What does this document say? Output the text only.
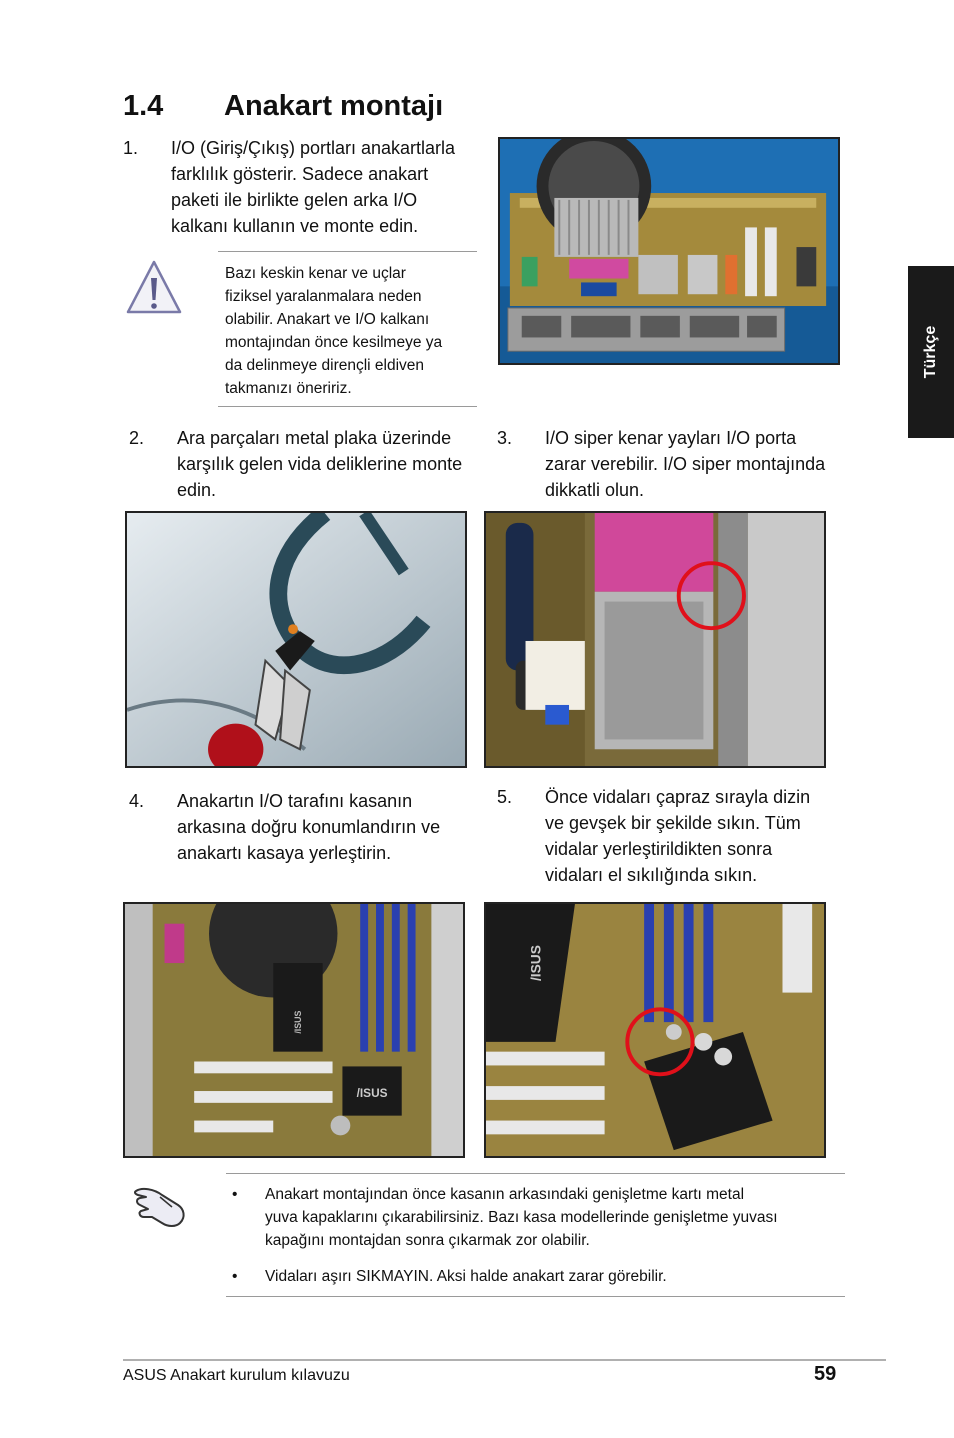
1.4 Anakart montajı
Türkçe
1. I/O (Giriş/Çıkış) portları anakartlarla
farklılık gösterir. Sadece anakart
paketi ile birlikte gelen arka I/O
kalkanı kullanın ve monte edin.
Bazı keskin kenar ve uçlar
fiziksel yaralanmalara neden
olabilir. Anakart ve I/O kalkanı
montajından önce kesilmeye ya
da delinmeye dirençli eldiven
takmanızı öneririz.
2. Ara parçaları metal plaka üzerinde
karşılık gelen vida deliklerine monte
edin.
3. I/O siper kenar yayları I/O porta
zarar verebilir. I/O siper montajında
dikkatli olun.
4. Anakartın I/O tarafını kasanın
arkasına doğru konumlandırın ve
anakartı kasaya yerleştirin.
5. Önce vidaları çapraz sırayla dizin
ve gevşek bir şekilde sıkın. Tüm
vidalar yerleştirildikten sonra
vidaları el sıkılığında sıkın.
/ISUS
/ISUS
/ISUS
• Anakart montajından önce kasanın arkasındaki genişletme kartı metal
yuva kapaklarını çıkarabilirsiniz. Bazı kasa modellerinde genişletme yuvası
kapağını montajdan sonra çıkarmak zor olabilir.
• Vidaları aşırı SIKMAYIN. Aksi halde anakart zarar görebilir.
ASUS Anakart kurulum kılavuzu	59
